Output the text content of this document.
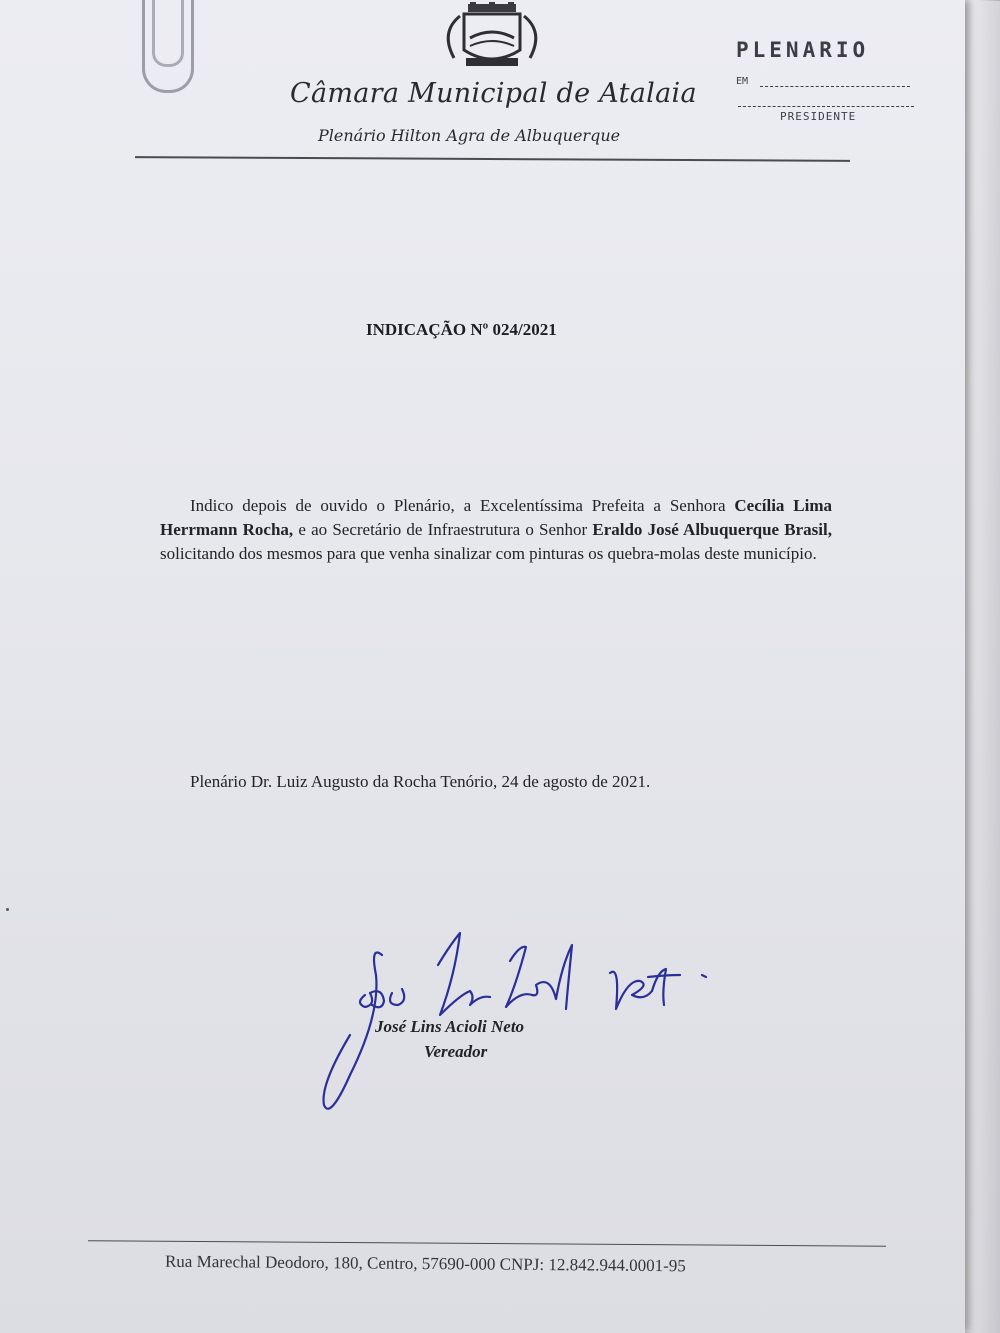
Câmara Municipal de Atalaia
Plenário Hilton Agra de Albuquerque
PLENARIO
EM
PRESIDENTE
INDICAÇÃO Nº 024/2021
Indico depois de ouvido o Plenário, a Excelentíssima Prefeita a Senhora Cecília Lima Herrmann Rocha, e ao Secretário de Infraestrutura o Senhor Eraldo José Albuquerque Brasil, solicitando dos mesmos para que venha sinalizar com pinturas os quebra-molas deste município.
Plenário Dr. Luiz Augusto da Rocha Tenório, 24 de agosto de 2021.
José Lins Acioli Neto
Vereador
Rua Marechal Deodoro, 180, Centro, 57690-000 CNPJ: 12.842.944.0001-95
